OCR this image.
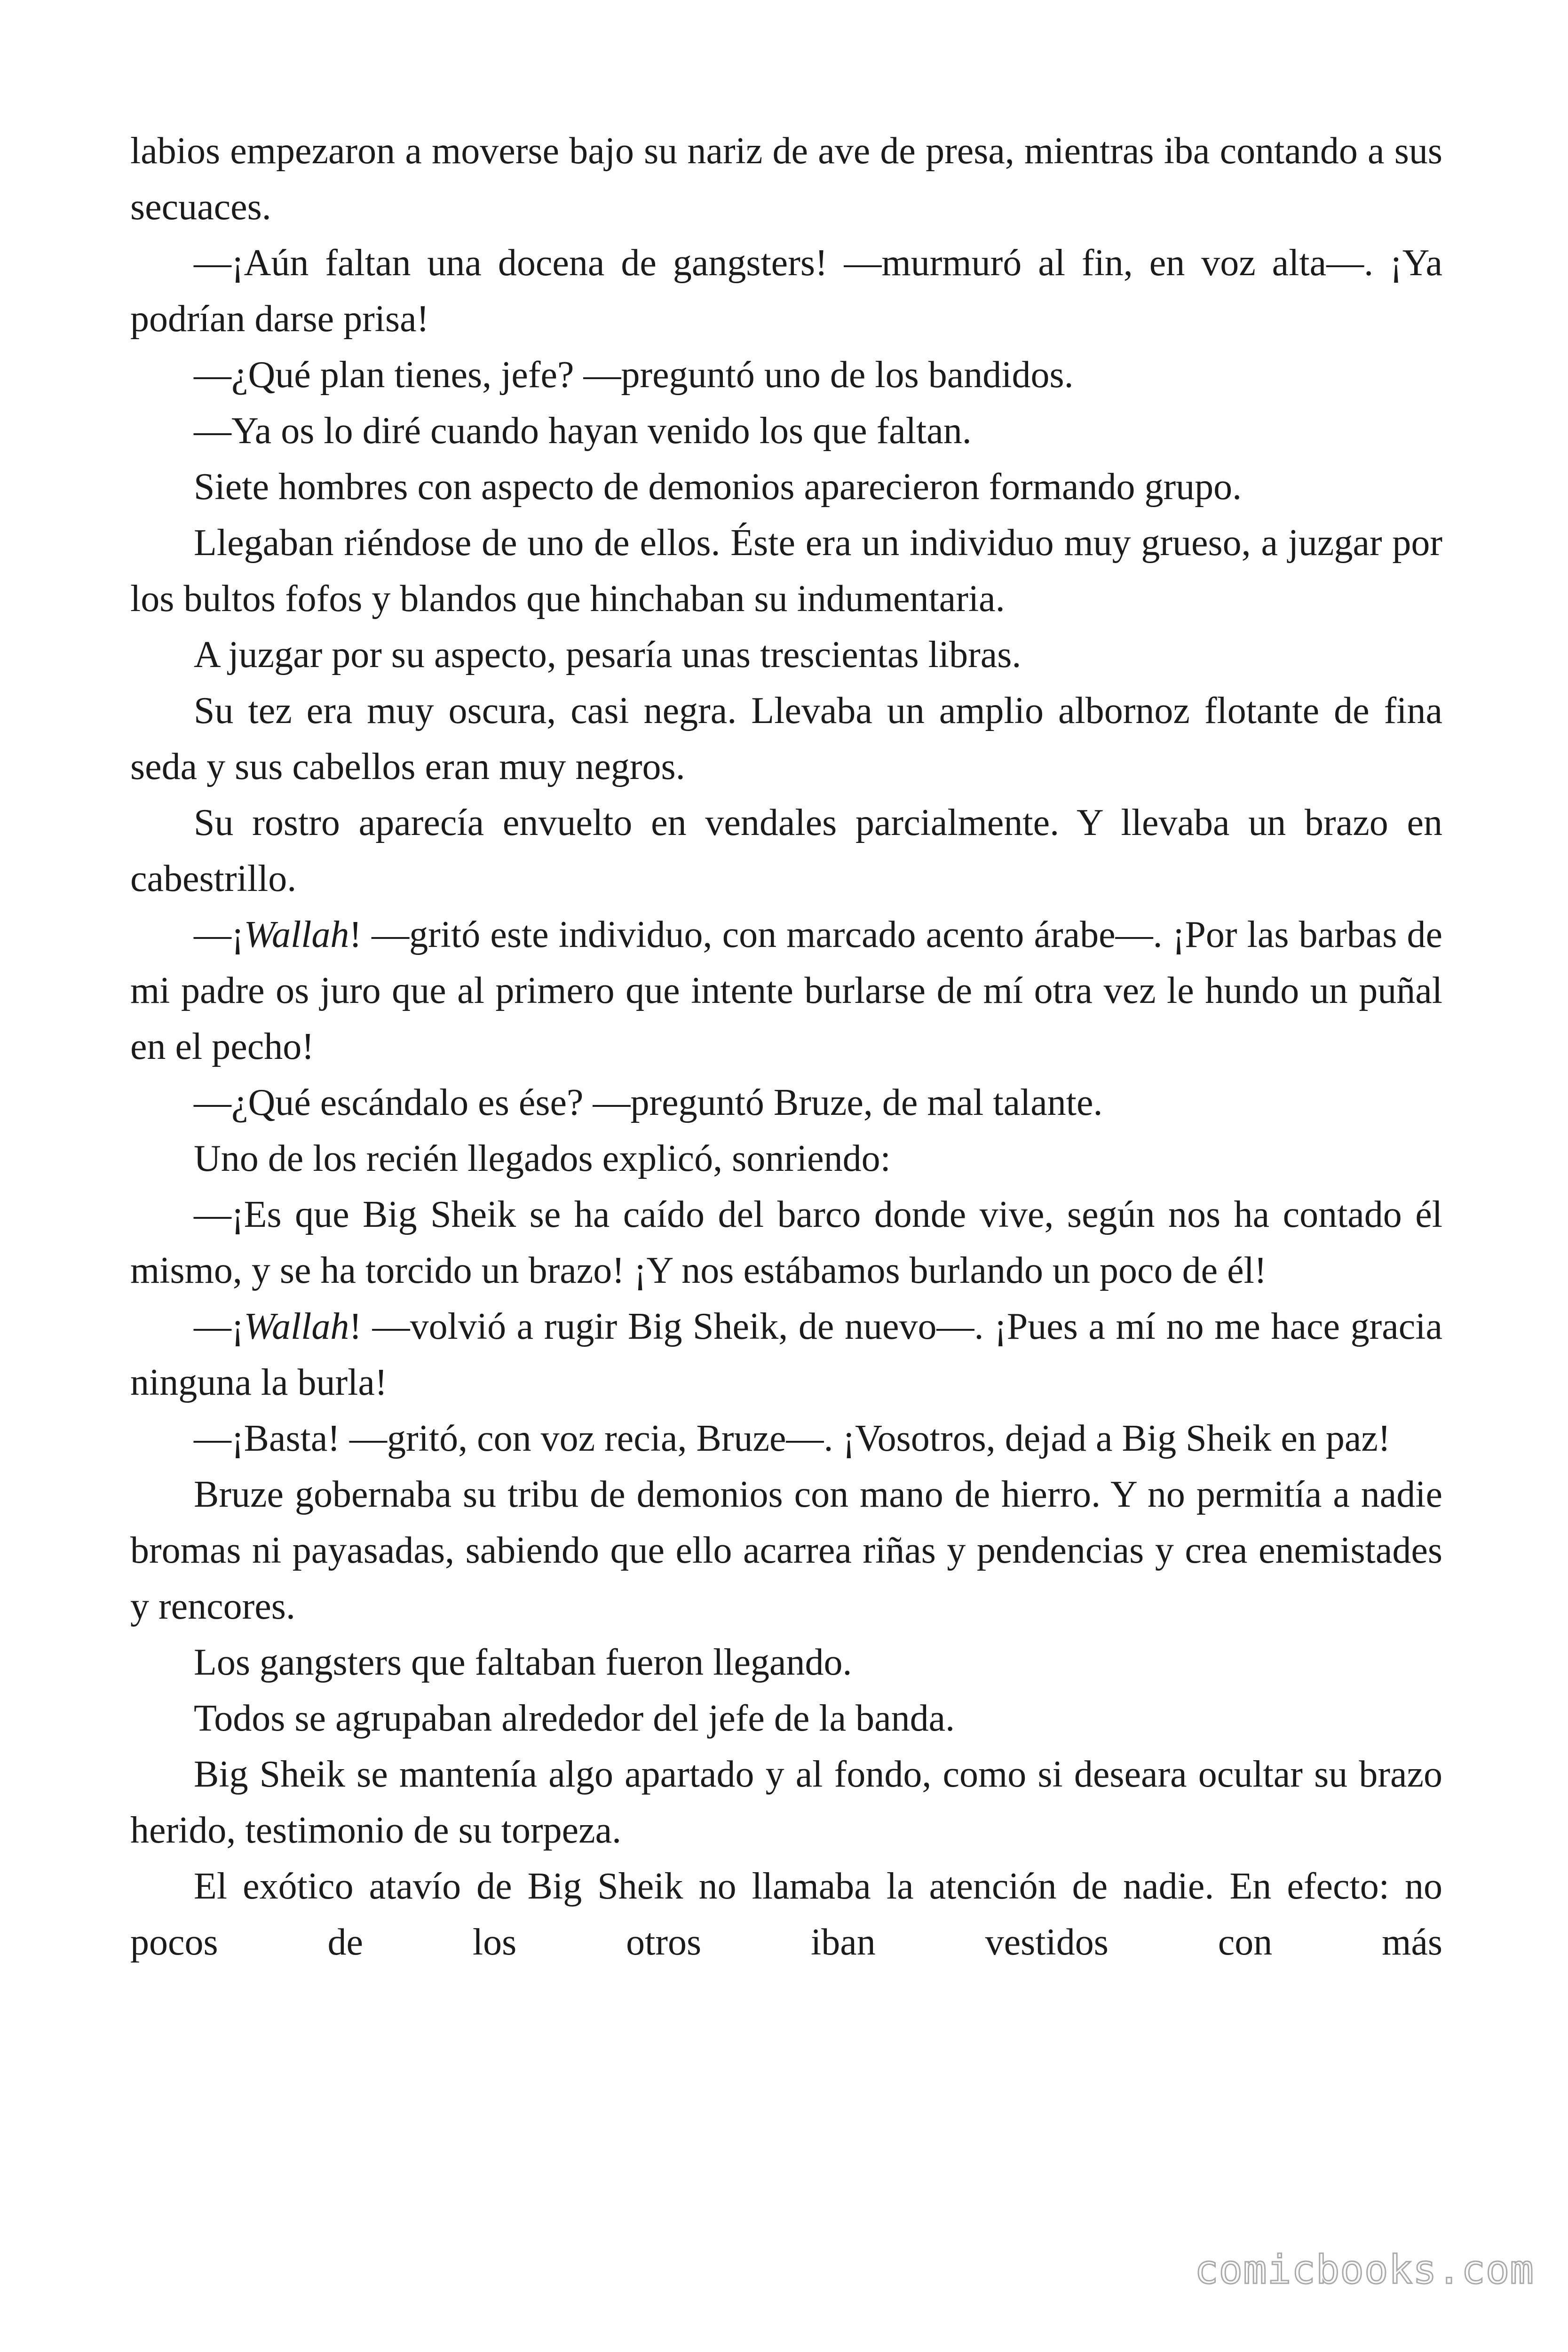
labios empezaron a moverse bajo su nariz de ave de presa, mientras iba contando a sus secuaces.

—¡Aún faltan una docena de gangsters! —murmuró al fin, en voz alta—. ¡Ya podrían darse prisa!

—¿Qué plan tienes, jefe? —preguntó uno de los bandidos.

—Ya os lo diré cuando hayan venido los que faltan.

Siete hombres con aspecto de demonios aparecieron formando grupo.

Llegaban riéndose de uno de ellos. Éste era un individuo muy grueso, a juzgar por los bultos fofos y blandos que hinchaban su indumentaria.

A juzgar por su aspecto, pesaría unas trescientas libras.

Su tez era muy oscura, casi negra. Llevaba un amplio albornoz flotante de fina seda y sus cabellos eran muy negros.

Su rostro aparecía envuelto en vendales parcialmente. Y llevaba un brazo en cabestrillo.

—¡Wallah! —gritó este individuo, con marcado acento árabe—. ¡Por las barbas de mi padre os juro que al primero que intente burlarse de mí otra vez le hundo un puñal en el pecho!

—¿Qué escándalo es ése? —preguntó Bruze, de mal talante.

Uno de los recién llegados explicó, sonriendo:

—¡Es que Big Sheik se ha caído del barco donde vive, según nos ha contado él mismo, y se ha torcido un brazo! ¡Y nos estábamos burlando un poco de él!

—¡Wallah! —volvió a rugir Big Sheik, de nuevo—. ¡Pues a mí no me hace gracia ninguna la burla!

—¡Basta! —gritó, con voz recia, Bruze—. ¡Vosotros, dejad a Big Sheik en paz!

Bruze gobernaba su tribu de demonios con mano de hierro. Y no permitía a nadie bromas ni payasadas, sabiendo que ello acarrea riñas y pendencias y crea enemistades y rencores.

Los gangsters que faltaban fueron llegando.

Todos se agrupaban alrededor del jefe de la banda.

Big Sheik se mantenía algo apartado y al fondo, como si deseara ocultar su brazo herido, testimonio de su torpeza.

El exótico atavío de Big Sheik no llamaba la atención de nadie. En efecto: no pocos de los otros iban vestidos con más

comicbooks.com
